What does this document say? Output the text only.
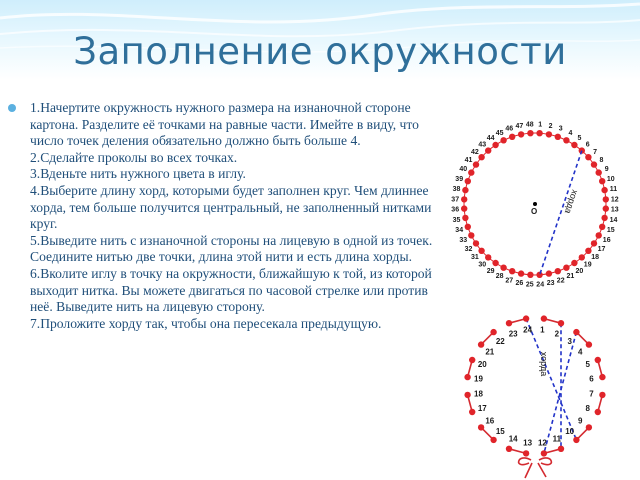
Заполнение окружности
1.Начертите окружность нужного размера на изнаночной стороне картона. Разделите её точками на равные части. Имейте в виду, что число точек деления обязательно должно быть больше 4.
2.Сделайте проколы во всех точках.
3.Вденьте нить нужного цвета в иглу.
4.Выберите длину хорд, которыми будет заполнен круг. Чем длиннее хорда, тем больше получится центральный, не заполненный нитками круг.
5.Выведите нить с изнаночной стороны на лицевую в одной из точек. Соедините нитью две точки, длина этой нити и есть длина хорды.
6.Вколите иглу в точку на окружности, ближайшую к той, из которой выходит нитка. Вы можете двигаться по часовой стрелке или против неё. Выведите нить на лицевую сторону.
7.Проложите хорду так, чтобы она пересекала предыдущую.
1 2 3
4
5
6
7
8
9
10
11
12
13
14
15
16
17
18
19
20
21
22
23
24
25
26
27
28
29
30
31
32
33
34
35
36
37
38
39
40
41
42
43
44
45
46 47 48
О	хорда
хорда
1 2
3
4
5
6
7
8
9
10
11
12
13
14
15
16
17
18
19
20
21
22
23 24
